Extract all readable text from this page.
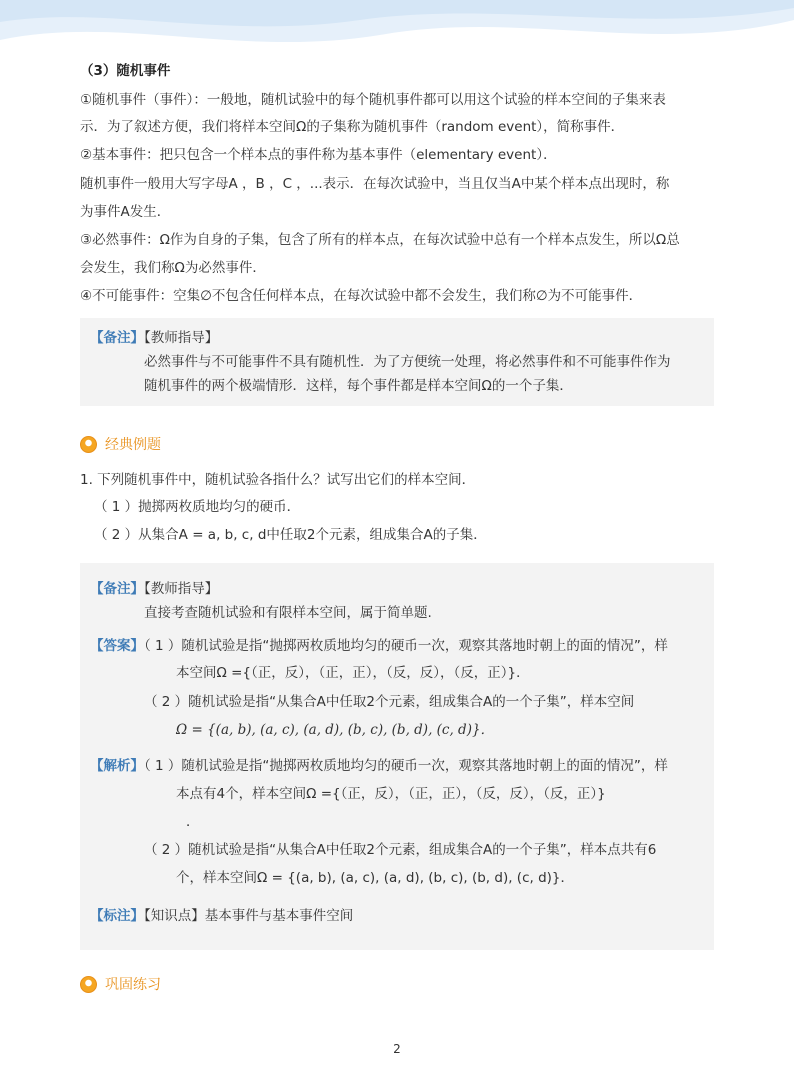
（3）随机事件
①随机事件（事件）：一般地，随机试验中的每个随机事件都可以用这个试验的样本空间的子集来表
示．为了叙述方便，我们将样本空间Ω的子集称为随机事件（random event），简称事件．
②基本事件：把只包含一个样本点的事件称为基本事件（elementary event）．
随机事件一般用大写字母A ，B ，C ，...表示．在每次试验中，当且仅当A中某个样本点出现时，称
为事件A发生．
③必然事件：Ω作为自身的子集，包含了所有的样本点，在每次试验中总有一个样本点发生，所以Ω总
会发生，我们称Ω为必然事件．
④不可能事件：空集∅不包含任何样本点，在每次试验中都不会发生，我们称∅为不可能事件．
【备注】【教师指导】
必然事件与不可能事件不具有随机性．为了方便统一处理，将必然事件和不可能事件作为
随机事件的两个极端情形．这样，每个事件都是样本空间Ω的一个子集．
经典例题
1. 下列随机事件中，随机试验各指什么？试写出它们的样本空间．
（ 1 ）抛掷两枚质地均匀的硬币．
（ 2 ）从集合A = a, b, c, d中任取2个元素，组成集合A的子集．
【备注】【教师指导】
直接考查随机试验和有限样本空间，属于简单题.
【答案】（ 1 ）随机试验是指“抛掷两枚质地均匀的硬币一次，观察其落地时朝上的面的情况”，样
本空间Ω ={（正，反），（正，正），（反，反），（反，正）}．
（ 2 ）随机试验是指“从集合A中任取2个元素，组成集合A的一个子集”，样本空间
Ω = {(a, b), (a, c), (a, d), (b, c), (b, d), (c, d)}．
【解析】（ 1 ）随机试验是指“抛掷两枚质地均匀的硬币一次，观察其落地时朝上的面的情况”，样
本点有4个，样本空间Ω ={（正，反），（正，正），（反，反），（反，正）}
．
（ 2 ）随机试验是指“从集合A中任取2个元素，组成集合A的一个子集”，样本点共有6
个，样本空间Ω = {(a, b), (a, c), (a, d), (b, c), (b, d), (c, d)}．
【标注】【知识点】基本事件与基本事件空间
巩固练习
2
